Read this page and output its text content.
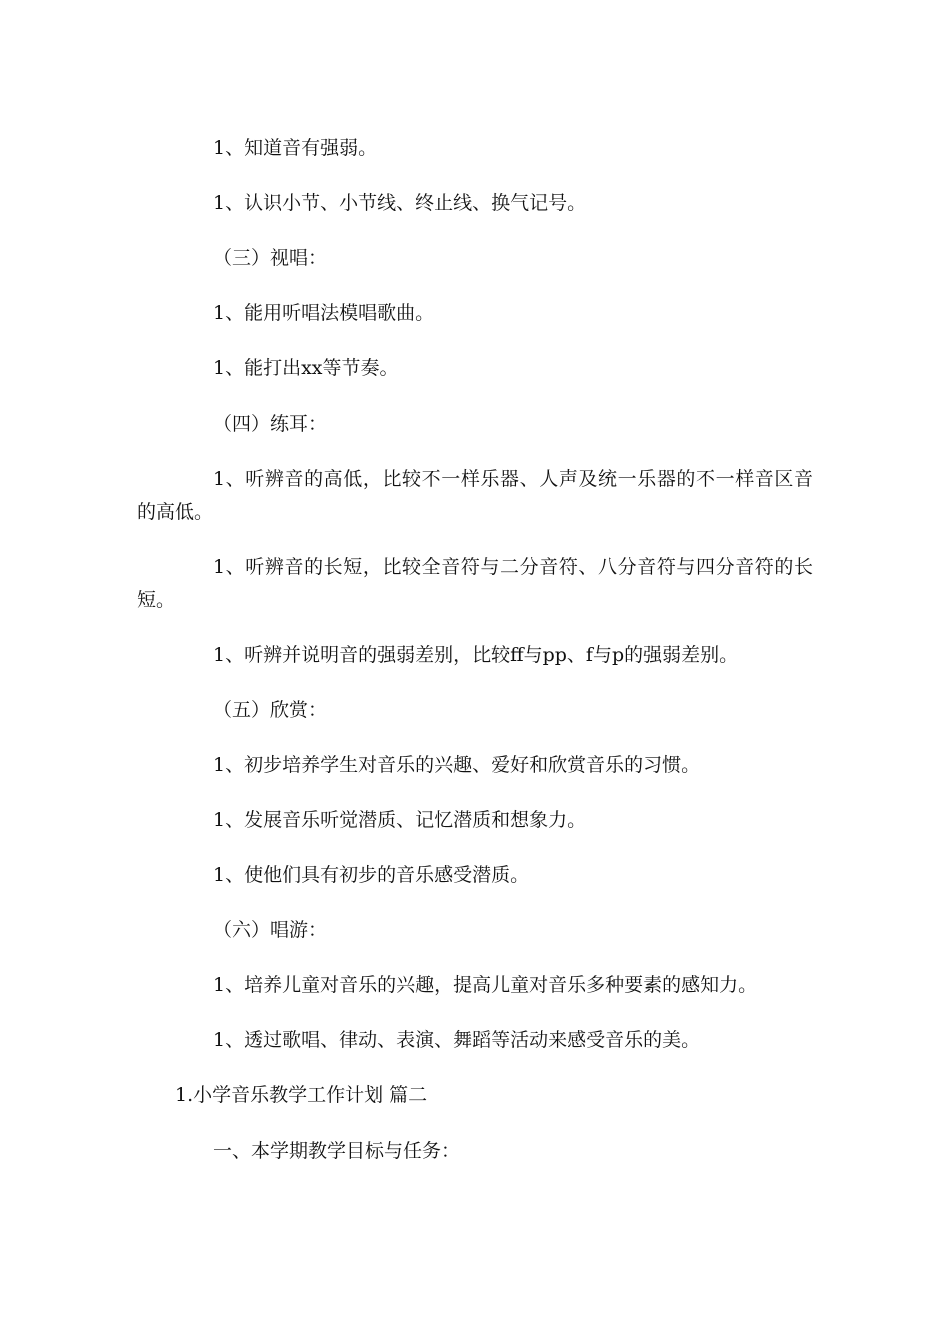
1、知道音有强弱。

1、认识小节、小节线、终止线、换气记号。

（三）视唱：

1、能用听唱法模唱歌曲。

1、能打出xx等节奏。

（四）练耳：

1、听辨音的高低，比较不一样乐器、人声及统一乐器的不一样音区音的高低。

1、听辨音的长短，比较全音符与二分音符、八分音符与四分音符的长短。

1、听辨并说明音的强弱差别，比较ff与pp、f与p的强弱差别。

（五）欣赏：

1、初步培养学生对音乐的兴趣、爱好和欣赏音乐的习惯。

1、发展音乐听觉潜质、记忆潜质和想象力。

1、使他们具有初步的音乐感受潜质。

（六）唱游：

1、培养儿童对音乐的兴趣，提高儿童对音乐多种要素的感知力。

1、透过歌唱、律动、表演、舞蹈等活动来感受音乐的美。

1.小学音乐教学工作计划 篇二

一、本学期教学目标与任务：
